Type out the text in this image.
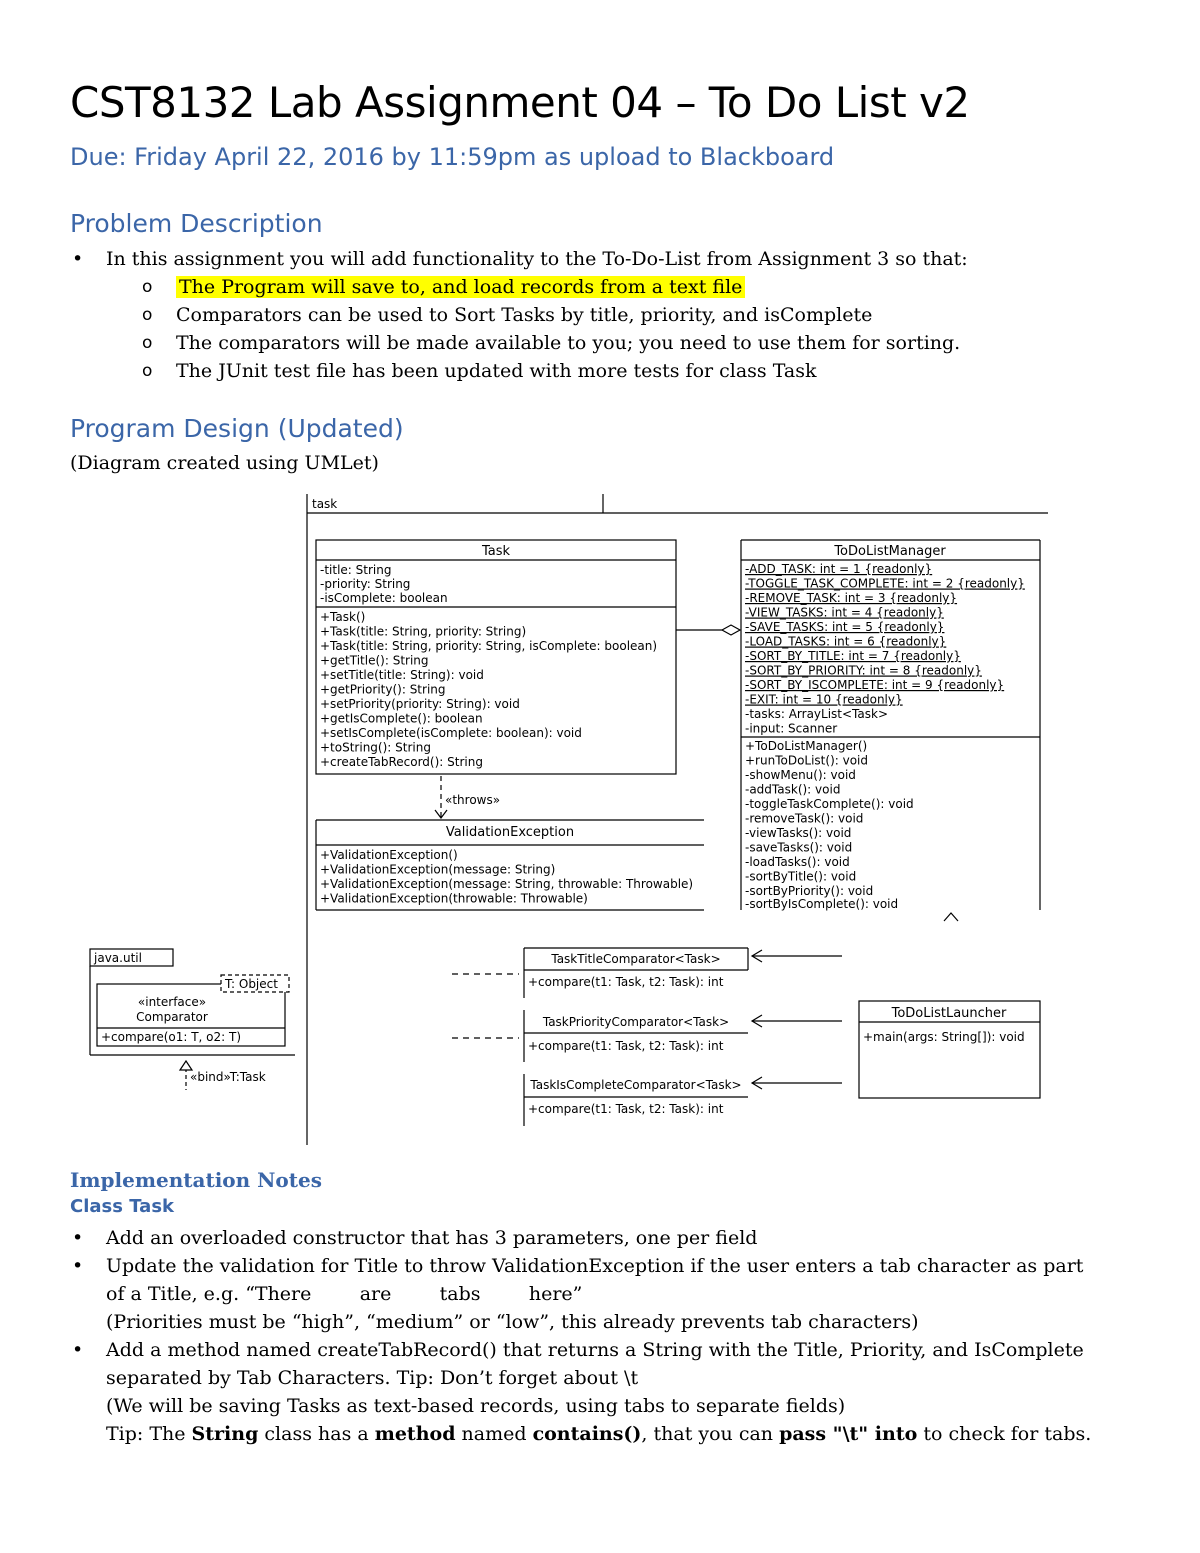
CST8132 Lab Assignment 04 – To Do List v2
Due: Friday April 22, 2016 by 11:59pm as upload to Blackboard
Problem Description
• In this assignment you will add functionality to the To-Do-List from Assignment 3 so that:
o The Program will save to, and load records from a text file
o Comparators can be used to Sort Tasks by title, priority, and isComplete
o The comparators will be made available to you; you need to use them for sorting.
o The JUnit test file has been updated with more tests for class Task
Program Design (Updated)
(Diagram created using UMLet)
task
Task
-title: String
-priority: String
-isComplete: boolean
+Task()
+Task(title: String, priority: String)
+Task(title: String, priority: String, isComplete: boolean)
+getTitle(): String
+setTitle(title: String): void
+getPriority(): String
+setPriority(priority: String): void
+getIsComplete(): boolean
+setIsComplete(isComplete: boolean): void
+toString(): String
+createTabRecord(): String
«throws»
ValidationException
+ValidationException()
+ValidationException(message: String)
+ValidationException(message: String, throwable: Throwable)
+ValidationException(throwable: Throwable)
ToDoListManager
-ADD_TASK: int = 1 {readonly}
-TOGGLE_TASK_COMPLETE: int = 2 {readonly}
-REMOVE_TASK: int = 3 {readonly}
-VIEW_TASKS: int = 4 {readonly}
-SAVE_TASKS: int = 5 {readonly}
-LOAD_TASKS: int = 6 {readonly}
-SORT_BY_TITLE: int = 7 {readonly}
-SORT_BY_PRIORITY: int = 8 {readonly}
-SORT_BY_ISCOMPLETE: int = 9 {readonly}
-EXIT: int = 10 {readonly}
-tasks: ArrayList<Task>
-input: Scanner
+ToDoListManager()
+runToDoList(): void
-showMenu(): void
-addTask(): void
-toggleTaskComplete(): void
-removeTask(): void
-viewTasks(): void
-saveTasks(): void
-loadTasks(): void
-sortByTitle(): void
-sortByPriority(): void
-sortByIsComplete(): void
java.util
T: Object
«interface»
Comparator
+compare(o1: T, o2: T)
«bind»T:Task
TaskTitleComparator<Task>
+compare(t1: Task, t2: Task): int
TaskPriorityComparator<Task>
+compare(t1: Task, t2: Task): int
TaskIsCompleteComparator<Task>
+compare(t1: Task, t2: Task): int
ToDoListLauncher
+main(args: String[]): void
Implementation Notes
Class Task
• Add an overloaded constructor that has 3 parameters, one per field
• Update the validation for Title to throw ValidationException if the user enters a tab character as part
of a Title, e.g. “There        are        tabs        here”
(Priorities must be “high”, “medium” or “low”, this already prevents tab characters)
• Add a method named createTabRecord() that returns a String with the Title, Priority, and IsComplete
separated by Tab Characters. Tip: Don’t forget about \t
(We will be saving Tasks as text-based records, using tabs to separate fields)
Tip: The String class has a method named contains(), that you can pass "\t" into to check for tabs.
